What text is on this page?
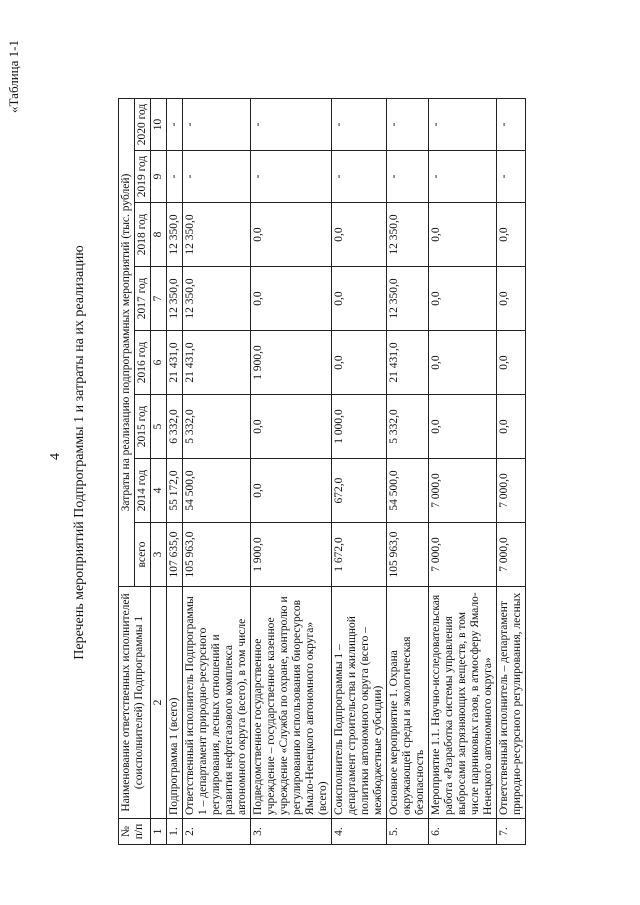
«Таблица 1-1
4 Перечень мероприятий Подпрограммы 1 и затраты на их реализацию
№ п/п	Наименование ответственных исполнителей (соисполнителей) Подпрограммы 1	Затраты на реализацию подпрограммных мероприятий (тыс. рублей)							
		всего	2014 год	2015 год	2016 год	2017 год	2018 год	2019 год	2020 год
1	2	3	4	5	6	7	8	9	10
1.	Подпрограмма 1 (всего)	107 635,0	55 172,0	6 332,0	21 431,0	12 350,0	12 350,0	-	-
2.	Ответственный исполнитель Подпрограммы 1 – департамент природно-ресурсного регулирования, лесных отношений и развития нефтегазового комплекса автономного округа (всего), в том числе	105 963,0	54 500,0	5 332,0	21 431,0	12 350,0	12 350,0	-	-
3.	Подведомственное государственное учреждение – государственное казенное учреждение «Служба по охране, контролю и регулированию использования биоресурсов Ямало-Ненецкого автономного округа» (всего)	1 900,0	0,0	0,0	1 900,0	0,0	0,0	-	-
4.	Соисполнитель Подпрограммы 1 – департамент строительства и жилищной политики автономного округа (всего – межбюджетные субсидии)	1 672,0	672,0	1 000,0	0,0	0,0	0,0	-	-
5.	Основное мероприятие 1. Охрана окружающей среды и экологическая безопасность	105 963,0	54 500,0	5 332,0	21 431,0	12 350,0	12 350,0	-	-
6.	Мероприятие 1.1. Научно-исследовательская работа «Разработка системы управления выбросами загрязняющих веществ, в том числе парниковых газов, в атмосферу Ямало-Ненецкого автономного округа»	7 000,0	7 000,0	0,0	0,0	0,0	0,0	-	-
7.	Ответственный исполнитель – департамент природно-ресурсного регулирования, лесных	7 000,0	7 000,0	0,0	0,0	0,0	0,0	-	-
